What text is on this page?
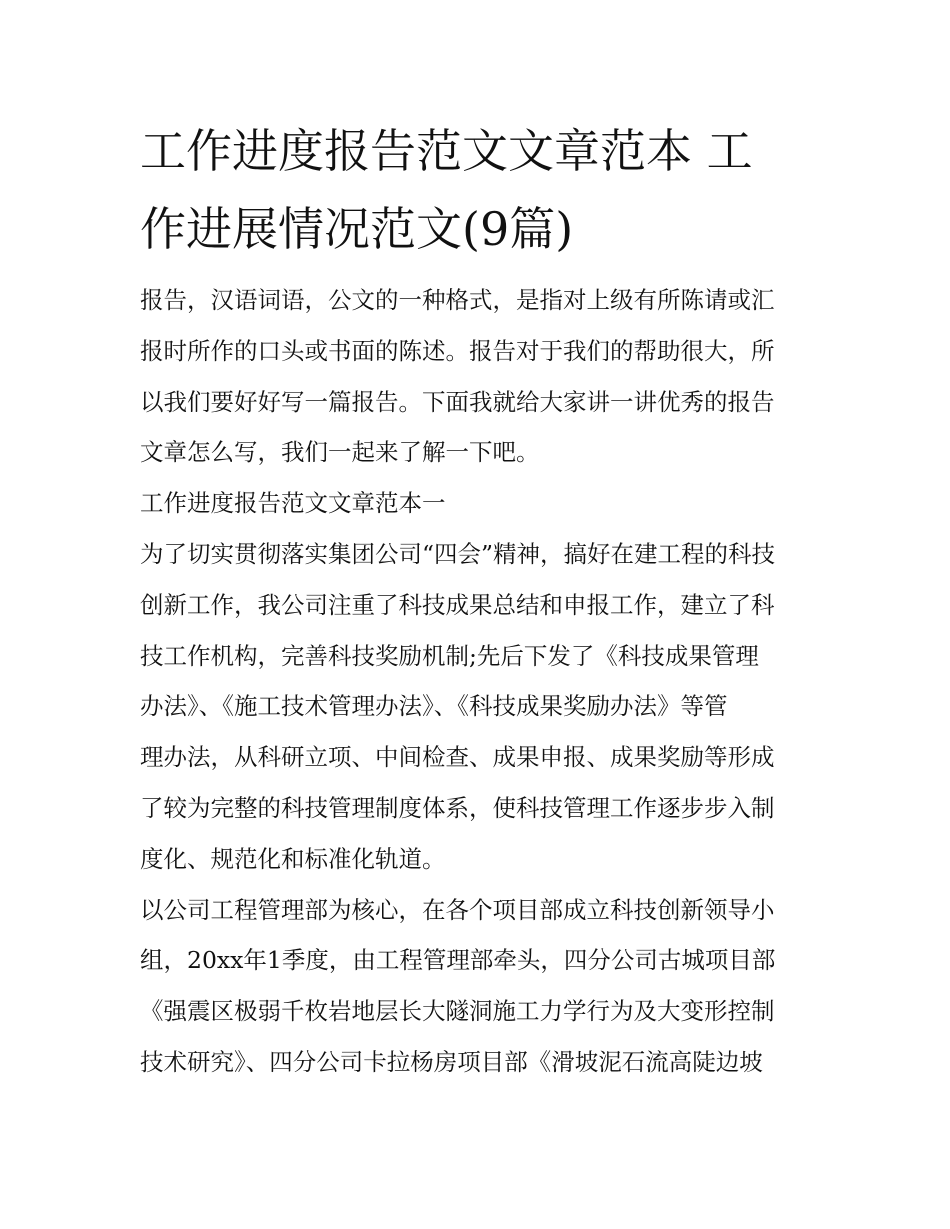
工作进度报告范文文章范本 工
作进展情况范文(9篇)
报告，汉语词语，公文的一种格式，是指对上级有所陈请或汇
报时所作的口头或书面的陈述。报告对于我们的帮助很大，所
以我们要好好写一篇报告。下面我就给大家讲一讲优秀的报告
文章怎么写，我们一起来了解一下吧。
工作进度报告范文文章范本一
为了切实贯彻落实集团公司“四会”精神，搞好在建工程的科技
创新工作，我公司注重了科技成果总结和申报工作，建立了科
技工作机构，完善科技奖励机制;先后下发了《科技成果管理
办法》、《施工技术管理办法》、《科技成果奖励办法》等管
理办法，从科研立项、中间检查、成果申报、成果奖励等形成
了较为完整的科技管理制度体系，使科技管理工作逐步步入制
度化、规范化和标准化轨道。
以公司工程管理部为核心，在各个项目部成立科技创新领导小
组，20xx年1季度，由工程管理部牵头，四分公司古城项目部
《强震区极弱千枚岩地层长大隧洞施工力学行为及大变形控制
技术研究》、四分公司卡拉杨房项目部《滑坡泥石流高陡边坡
